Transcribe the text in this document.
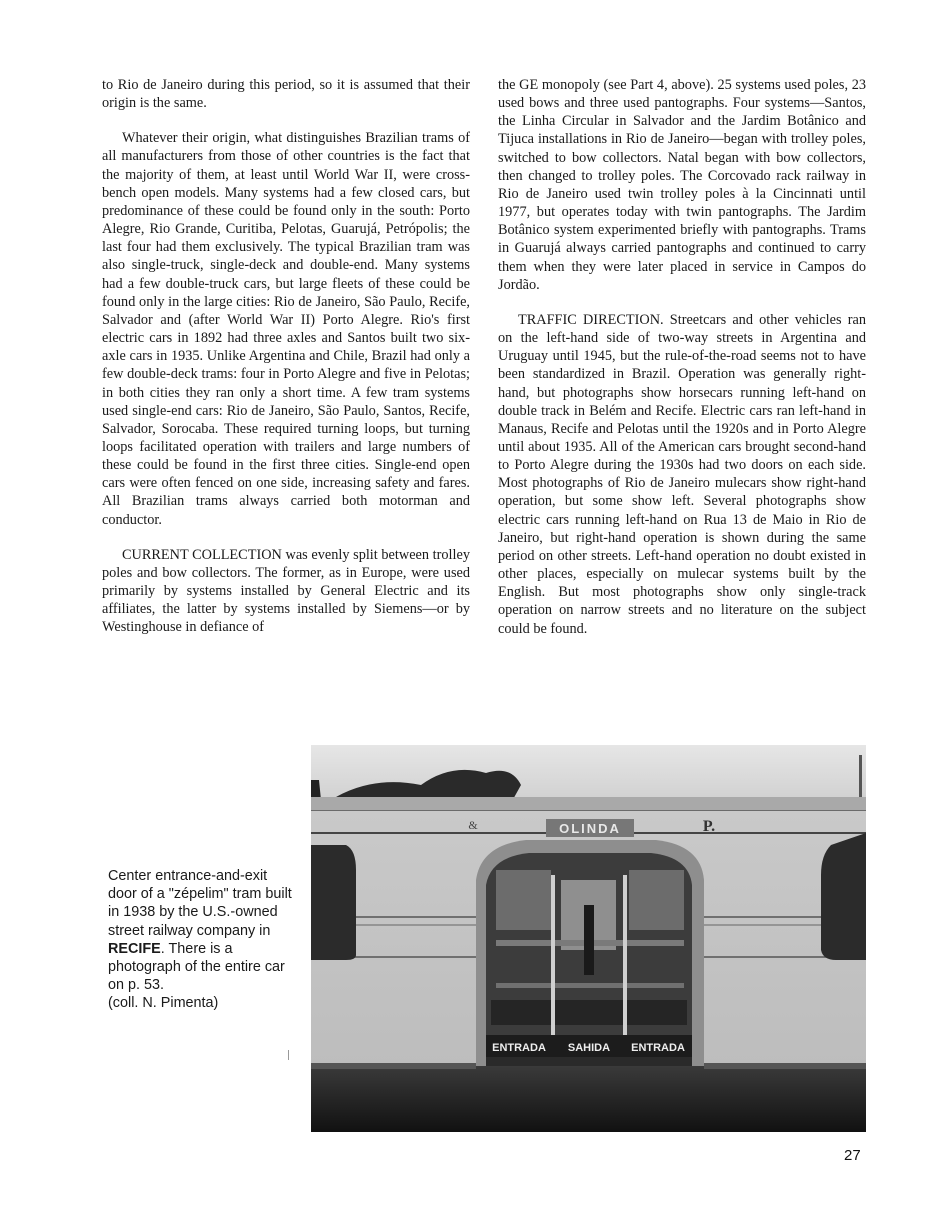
to Rio de Janeiro during this period, so it is assumed that their origin is the same.

Whatever their origin, what distinguishes Brazilian trams of all manufacturers from those of other countries is the fact that the majority of them, at least until World War II, were cross-bench open models. Many systems had a few closed cars, but predominance of these could be found only in the south: Porto Alegre, Rio Grande, Curitiba, Pelotas, Guarujá, Petrópolis; the last four had them exclusively. The typical Brazilian tram was also single-truck, single-deck and double-end. Many systems had a few double-truck cars, but large fleets of these could be found only in the large cities: Rio de Janeiro, São Paulo, Recife, Salvador and (after World War II) Porto Alegre. Rio's first electric cars in 1892 had three axles and Santos built two six-axle cars in 1935. Unlike Argentina and Chile, Brazil had only a few double-deck trams: four in Porto Alegre and five in Pelotas; in both cities they ran only a short time. A few tram systems used single-end cars: Rio de Janeiro, São Paulo, Santos, Recife, Salvador, Sorocaba. These required turning loops, but turning loops facilitated operation with trailers and large numbers of these could be found in the first three cities. Single-end open cars were often fenced on one side, increasing safety and fares. All Brazilian trams always carried both motorman and conductor.

CURRENT COLLECTION was evenly split between trolley poles and bow collectors. The former, as in Europe, were used primarily by systems installed by General Electric and its affiliates, the latter by systems installed by Siemens—or by Westinghouse in defiance of

the GE monopoly (see Part 4, above). 25 systems used poles, 23 used bows and three used pantographs. Four systems—Santos, the Linha Circular in Salvador and the Jardim Botânico and Tijuca installations in Rio de Janeiro—began with trolley poles, switched to bow collectors. Natal began with bow collectors, then changed to trolley poles. The Corcovado rack railway in Rio de Janeiro used twin trolley poles à la Cincinnati until 1977, but operates today with twin pantographs. The Jardim Botânico system experimented briefly with pantographs. Trams in Guarujá always carried pantographs and continued to carry them when they were later placed in service in Campos do Jordão.

TRAFFIC DIRECTION. Streetcars and other vehicles ran on the left-hand side of two-way streets in Argentina and Uruguay until 1945, but the rule-of-the-road seems not to have been standardized in Brazil. Operation was generally right-hand, but photographs show horsecars running left-hand on double track in Belém and Recife. Electric cars ran left-hand in Manaus, Recife and Pelotas until the 1920s and in Porto Alegre until about 1935. All of the American cars brought second-hand to Porto Alegre during the 1930s had two doors on each side. Most photographs of Rio de Janeiro mulecars show right-hand operation, but some show left. Several photographs show electric cars running left-hand on Rua 13 de Maio in Rio de Janeiro, but right-hand operation is shown during the same period on other streets. Left-hand operation no doubt existed in other places, especially on mulecar systems built by the English. But most photographs show only single-track operation on narrow streets and no literature on the subject could be found.

Center entrance-and-exit door of a "zépelim" tram built in 1938 by the U.S.-owned street railway company in RECIFE. There is a photograph of the entire car on p. 53.
(coll. N. Pimenta)
OLINDA
&	P.
ENTRADA SAHIDA ENTRADA
27
